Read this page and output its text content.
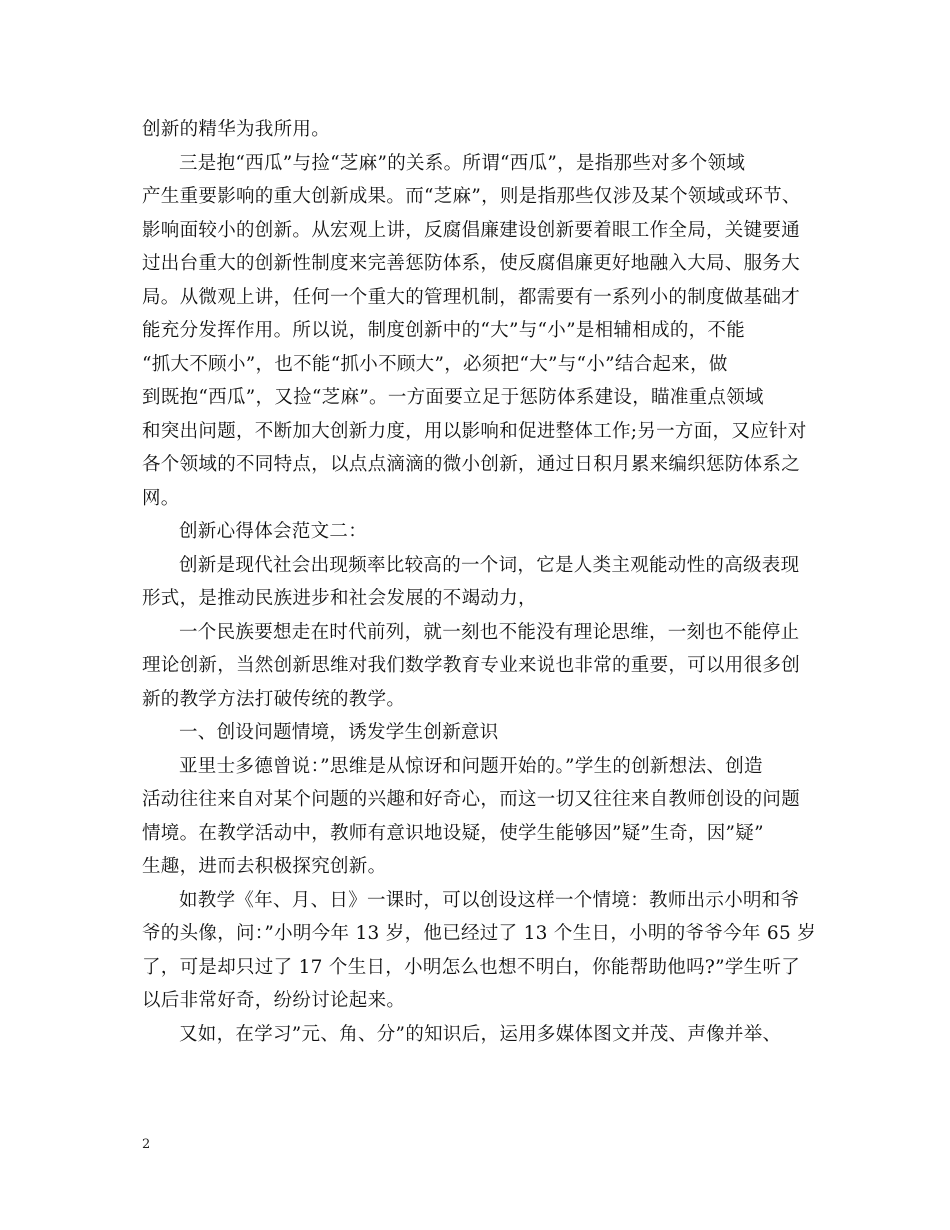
创新的精华为我所用。
三是抱“西瓜”与捡“芝麻”的关系。所谓“西瓜”，是指那些对多个领域
产生重要影响的重大创新成果。而“芝麻”，则是指那些仅涉及某个领域或环节、
影响面较小的创新。从宏观上讲，反腐倡廉建设创新要着眼工作全局，关键要通
过出台重大的创新性制度来完善惩防体系，使反腐倡廉更好地融入大局、服务大
局。从微观上讲，任何一个重大的管理机制，都需要有一系列小的制度做基础才
能充分发挥作用。所以说，制度创新中的“大”与“小”是相辅相成的，不能
“抓大不顾小”，也不能“抓小不顾大”，必须把“大”与“小”结合起来，做
到既抱“西瓜”，又捡“芝麻”。一方面要立足于惩防体系建设，瞄准重点领域
和突出问题，不断加大创新力度，用以影响和促进整体工作;另一方面，又应针对
各个领域的不同特点，以点点滴滴的微小创新，通过日积月累来编织惩防体系之
网。
创新心得体会范文二：
创新是现代社会出现频率比较高的一个词，它是人类主观能动性的高级表现
形式，是推动民族进步和社会发展的不竭动力，
一个民族要想走在时代前列，就一刻也不能没有理论思维，一刻也不能停止
理论创新，当然创新思维对我们数学教育专业来说也非常的重要，可以用很多创
新的教学方法打破传统的教学。
一、创设问题情境，诱发学生创新意识
亚里士多德曾说：”思维是从惊讶和问题开始的。”学生的创新想法、创造
活动往往来自对某个问题的兴趣和好奇心，而这一切又往往来自教师创设的问题
情境。在教学活动中，教师有意识地设疑，使学生能够因”疑”生奇，因”疑”
生趣，进而去积极探究创新。
如教学《年、月、日》一课时，可以创设这样一个情境：教师出示小明和爷
爷的头像，问：”小明今年 13 岁，他已经过了 13 个生日，小明的爷爷今年 65 岁
了，可是却只过了 17 个生日，小明怎么也想不明白，你能帮助他吗?”学生听了
以后非常好奇，纷纷讨论起来。
又如，在学习”元、角、分”的知识后，运用多媒体图文并茂、声像并举、
2
